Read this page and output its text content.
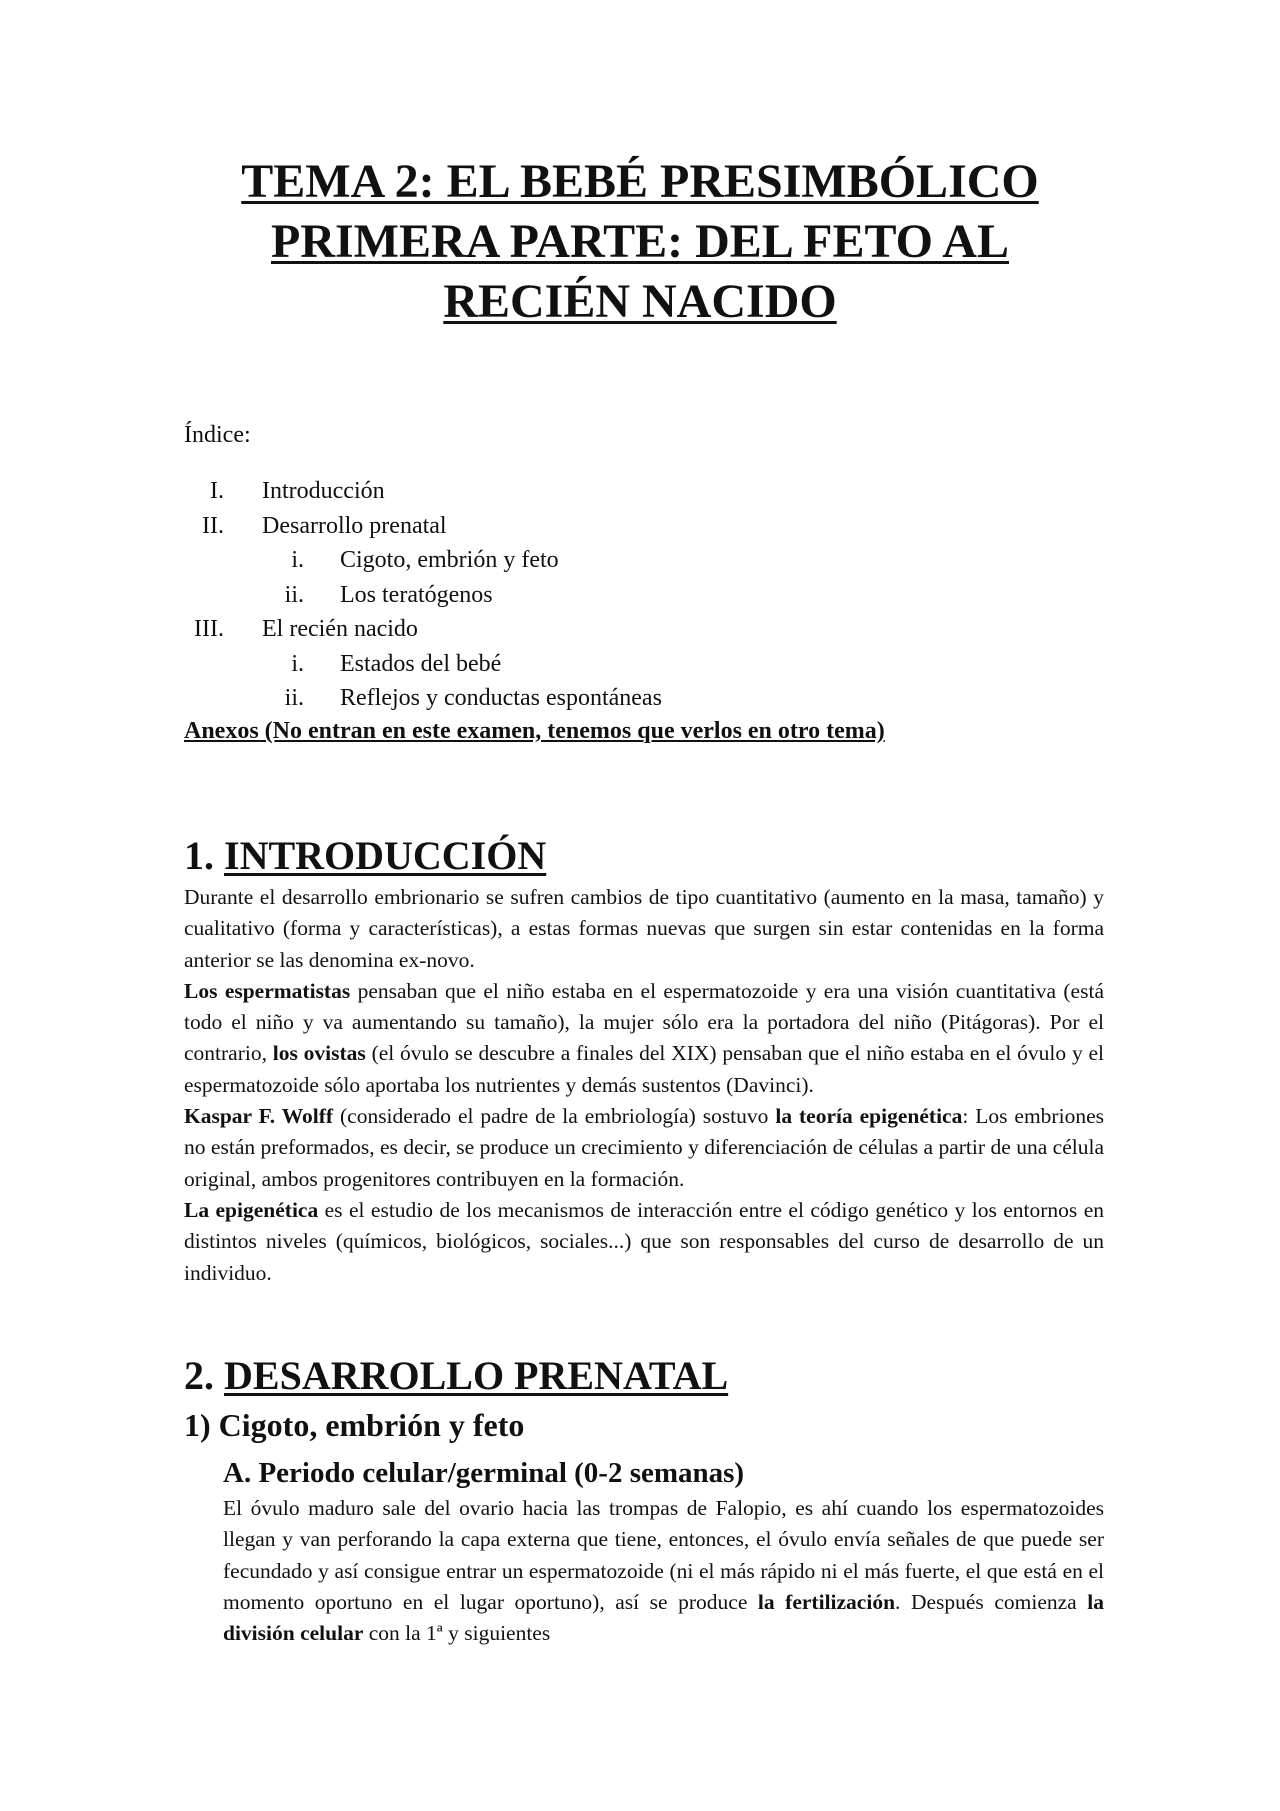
TEMA 2: EL BEBÉ PRESIMBÓLICO
PRIMERA PARTE: DEL FETO AL
RECIÉN NACIDO
Índice:
I. Introducción
II. Desarrollo prenatal
i. Cigoto, embrión y feto
ii. Los teratógenos
III. El recién nacido
i. Estados del bebé
ii. Reflejos y conductas espontáneas
Anexos (No entran en este examen, tenemos que verlos en otro tema)
1. INTRODUCCIÓN

Durante el desarrollo embrionario se sufren cambios de tipo cuantitativo (aumento en la masa, tamaño) y cualitativo (forma y características), a estas formas nuevas que surgen sin estar contenidas en la forma anterior se las denomina ex-novo.

Los espermatistas pensaban que el niño estaba en el espermatozoide y era una visión cuantitativa (está todo el niño y va aumentando su tamaño), la mujer sólo era la portadora del niño (Pitágoras). Por el contrario, los ovistas (el óvulo se descubre a finales del XIX) pensaban que el niño estaba en el óvulo y el espermatozoide sólo aportaba los nutrientes y demás sustentos (Davinci).

Kaspar F. Wolff (considerado el padre de la embriología) sostuvo la teoría epigenética: Los embriones no están preformados, es decir, se produce un crecimiento y diferenciación de células a partir de una célula original, ambos progenitores contribuyen en la formación.

La epigenética es el estudio de los mecanismos de interacción entre el código genético y los entornos en distintos niveles (químicos, biológicos, sociales...) que son responsables del curso de desarrollo de un individuo.

2. DESARROLLO PRENATAL
1) Cigoto, embrión y feto
A. Periodo celular/germinal (0-2 semanas)

El óvulo maduro sale del ovario hacia las trompas de Falopio, es ahí cuando los espermatozoides llegan y van perforando la capa externa que tiene, entonces, el óvulo envía señales de que puede ser fecundado y así consigue entrar un espermatozoide (ni el más rápido ni el más fuerte, el que está en el momento oportuno en el lugar oportuno), así se produce la fertilización. Después comienza la división celular con la 1ª y siguientes
